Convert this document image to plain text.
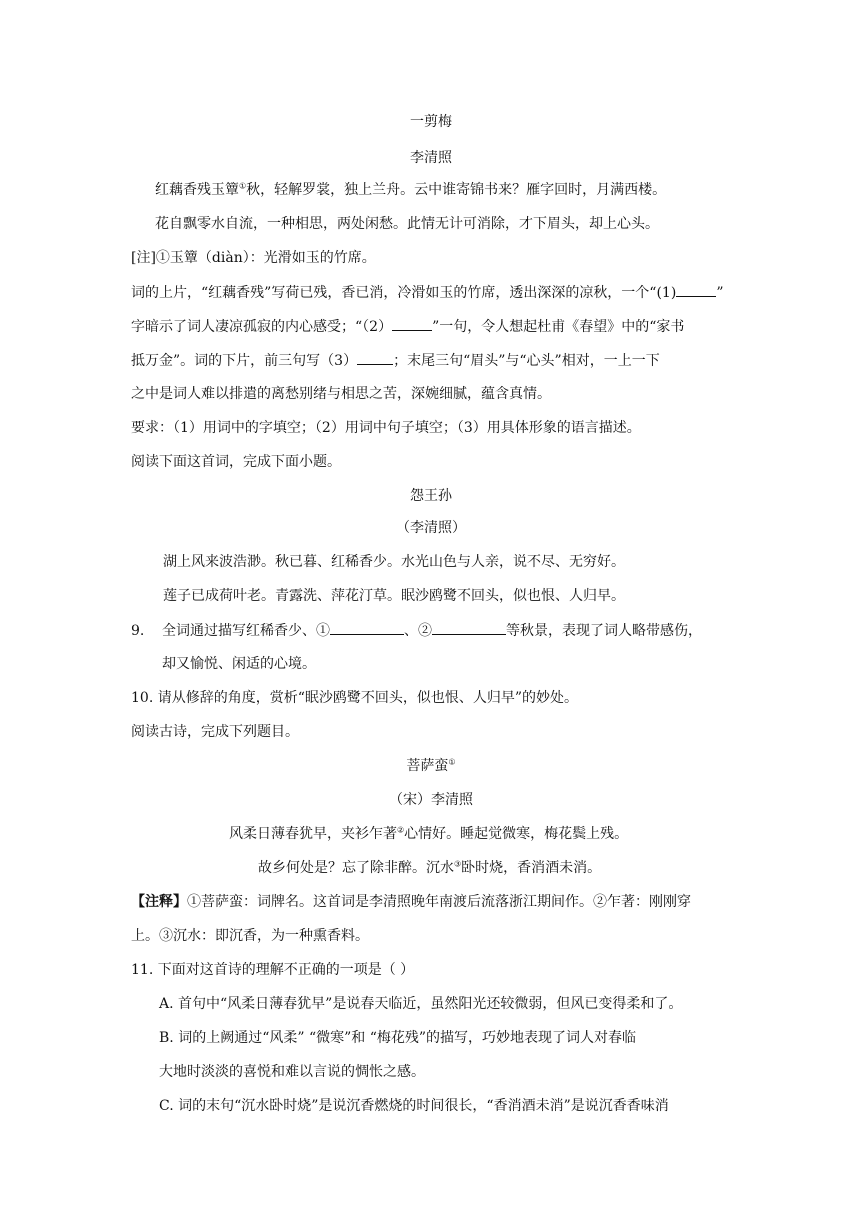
一剪梅
李清照
红藕香残玉簟①秋，轻解罗裳，独上兰舟。云中谁寄锦书来？雁字回时，月满西楼。
花自飘零水自流，一种相思，两处闲愁。此情无计可消除，才下眉头，却上心头。
[注]①玉簟（diàn）：光滑如玉的竹席。
词的上片，“红藕香残”写荷已残，香已消，冷滑如玉的竹席，透出深深的凉秋，一个“(1)	”
字暗示了词人凄凉孤寂的内心感受；“（2）	”一句，令人想起杜甫《春望》中的“家书
抵万金”。词的下片，前三句写（3）	；末尾三句“眉头”与“心头”相对，一上一下
之中是词人难以排遣的离愁别绪与相思之苦，深婉细腻，蕴含真情。
要求：（1）用词中的字填空；（2）用词中句子填空；（3）用具体形象的语言描述。
阅读下面这首词，完成下面小题。
怨王孙
（李清照）
湖上风来波浩渺。秋已暮、红稀香少。水光山色与人亲，说不尽、无穷好。
莲子已成荷叶老。青露洗、萍花汀草。眠沙鸥鹭不回头，似也恨、人归早。
9. 全词通过描写红稀香少、①	、②	等秋景，表现了词人略带感伤，
却又愉悦、闲适的心境。
10. 请从修辞的角度，赏析“眠沙鸥鹭不回头，似也恨、人归早”的妙处。
阅读古诗，完成下列题目。
菩萨蛮①
（宋）李清照
风柔日薄春犹早，夹衫乍著②心情好。睡起觉微寒，梅花鬓上残。
故乡何处是？忘了除非醉。沉水③卧时烧，香消酒未消。
【注释】①菩萨蛮：词牌名。这首词是李清照晚年南渡后流落浙江期间作。②乍著：刚刚穿
上。③沉水：即沉香，为一种熏香料。
11. 下面对这首诗的理解不正确的一项是（ ）
A. 首句中“风柔日薄春犹早”是说春天临近，虽然阳光还较微弱，但风已变得柔和了。
B. 词的上阙通过“风柔” “微寒”和 “梅花残”的描写，巧妙地表现了词人对春临
大地时淡淡的喜悦和难以言说的惆怅之感。
C. 词的末句“沉水卧时烧”是说沉香燃烧的时间很长，“香消酒未消”是说沉香香味消
